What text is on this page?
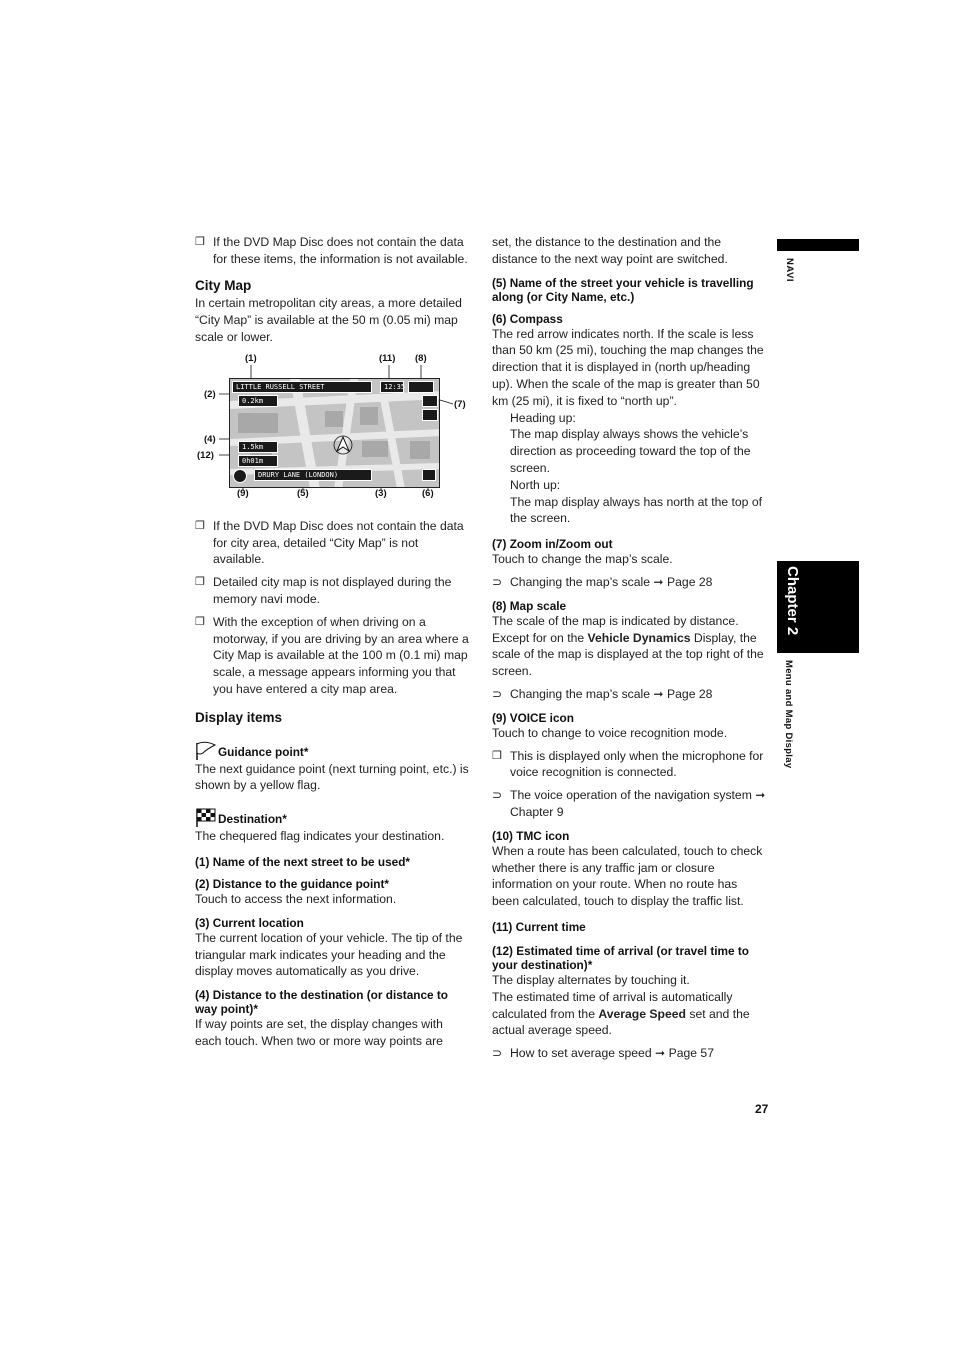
NAVI
Chapter 2
Menu and Map Display
❐ If the DVD Map Disc does not contain the data for these items, the information is not available.
City Map
In certain metropolitan city areas, a more detailed “City Map” is available at the 50 m (0.05 mi) map scale or lower.
(1)	(11) (8)
(2)
(7)
(4)
(12)
(9)	(5)	(3)	(6)
LITTLE RUSSELL STREET	12:35
0.2km
1.5km
0h01m
DRURY LANE (LONDON)
❐ If the DVD Map Disc does not contain the data for city area, detailed “City Map” is not available.
❐ Detailed city map is not displayed during the memory navi mode.
❐ With the exception of when driving on a motorway, if you are driving by an area where a City Map is available at the 100 m (0.1 mi) map scale, a message appears informing you that you have entered a city map area.
Display items
Guidance point*
The next guidance point (next turning point, etc.) is shown by a yellow flag.
Destination*
The chequered flag indicates your destination.
(1) Name of the next street to be used*
(2) Distance to the guidance point*
Touch to access the next information.
(3) Current location
The current location of your vehicle. The tip of the triangular mark indicates your heading and the display moves automatically as you drive.
(4) Distance to the destination (or distance to way point)*
If way points are set, the display changes with each touch. When two or more way points are
set, the distance to the destination and the distance to the next way point are switched.
(5) Name of the street your vehicle is travelling along (or City Name, etc.)
(6) Compass
The red arrow indicates north. If the scale is less than 50 km (25 mi), touching the map changes the direction that it is displayed in (north up/heading up). When the scale of the map is greater than 50 km (25 mi), it is fixed to “north up”.
Heading up:
The map display always shows the vehicle’s direction as proceeding toward the top of the screen.
North up:
The map display always has north at the top of the screen.
(7) Zoom in/Zoom out
Touch to change the map’s scale.
⊃ Changing the map’s scale ➞ Page 28
(8) Map scale
The scale of the map is indicated by distance. Except for on the Vehicle Dynamics Display, the scale of the map is displayed at the top right of the screen.
⊃ Changing the map’s scale ➞ Page 28
(9) VOICE icon
Touch to change to voice recognition mode.
❐ This is displayed only when the microphone for voice recognition is connected.
⊃ The voice operation of the navigation system ➞ Chapter 9
(10) TMC icon
When a route has been calculated, touch to check whether there is any traffic jam or closure information on your route. When no route has been calculated, touch to display the traffic list.
(11) Current time
(12) Estimated time of arrival (or travel time to your destination)*
The display alternates by touching it.
The estimated time of arrival is automatically calculated from the Average Speed set and the actual average speed.
⊃ How to set average speed ➞ Page 57
27
